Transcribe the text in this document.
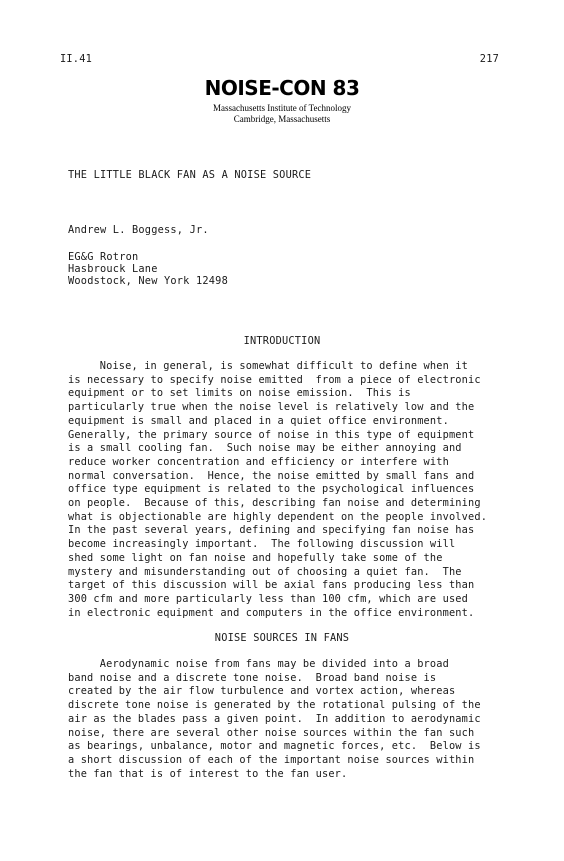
II.41	217
NOISE-CON 83
Massachusetts Institute of Technology
Cambridge, Massachusetts
THE LITTLE BLACK FAN AS A NOISE SOURCE
Andrew L. Boggess, Jr.
EG&G Rotron
Hasbrouck Lane
Woodstock, New York 12498
INTRODUCTION
Noise, in general, is somewhat difficult to define when it
is necessary to specify noise emitted  from a piece of electronic
equipment or to set limits on noise emission.  This is
particularly true when the noise level is relatively low and the
equipment is small and placed in a quiet office environment.
Generally, the primary source of noise in this type of equipment
is a small cooling fan.  Such noise may be either annoying and
reduce worker concentration and efficiency or interfere with
normal conversation.  Hence, the noise emitted by small fans and
office type equipment is related to the psychological influences
on people.  Because of this, describing fan noise and determining
what is objectionable are highly dependent on the people involved.
In the past several years, defining and specifying fan noise has
become increasingly important.  The following discussion will
shed some light on fan noise and hopefully take some of the
mystery and misunderstanding out of choosing a quiet fan.  The
target of this discussion will be axial fans producing less than
300 cfm and more particularly less than 100 cfm, which are used
in electronic equipment and computers in the office environment.
NOISE SOURCES IN FANS
Aerodynamic noise from fans may be divided into a broad
band noise and a discrete tone noise.  Broad band noise is
created by the air flow turbulence and vortex action, whereas
discrete tone noise is generated by the rotational pulsing of the
air as the blades pass a given point.  In addition to aerodynamic
noise, there are several other noise sources within the fan such
as bearings, unbalance, motor and magnetic forces, etc.  Below is
a short discussion of each of the important noise sources within
the fan that is of interest to the fan user.
